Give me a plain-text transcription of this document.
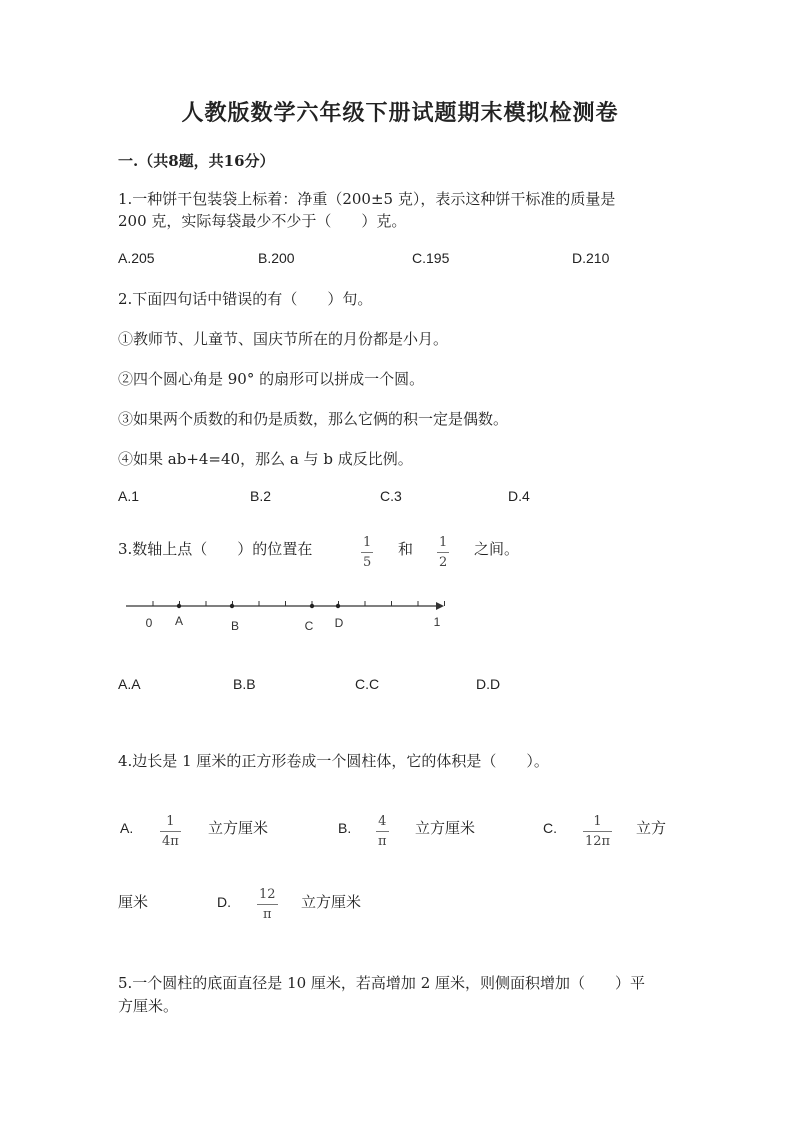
人教版数学六年级下册试题期末模拟检测卷
一.（共8题，共16分）
1.一种饼干包装袋上标着：净重（200±5 克），表示这种饼干标准的质量是
200 克，实际每袋最少不少于（　　）克。
A.205	B.200	C.195	D.210
2.下面四句话中错误的有（　　）句。
①教师节、儿童节、国庆节所在的月份都是小月。
②四个圆心角是 90° 的扇形可以拼成一个圆。
③如果两个质数的和仍是质数，那么它俩的积一定是偶数。
④如果 ab+4=40，那么 a 与 b 成反比例。
A.1	B.2	C.3	D.4
3.数轴上点（　　）的位置在	1
5
和 1
2
之间。
0 A	B	C D	1
A.A	B.B	C.C	D.D
4.边长是 1 厘米的正方形卷成一个圆柱体，它的体积是（　　）。
A.	1
4π
立方厘米	B. 4
π
立方厘米	C.	1
12π
立方
厘米	D. 12
π
立方厘米
5.一个圆柱的底面直径是 10 厘米，若高增加 2 厘米，则侧面积增加（　　）平
方厘米。
